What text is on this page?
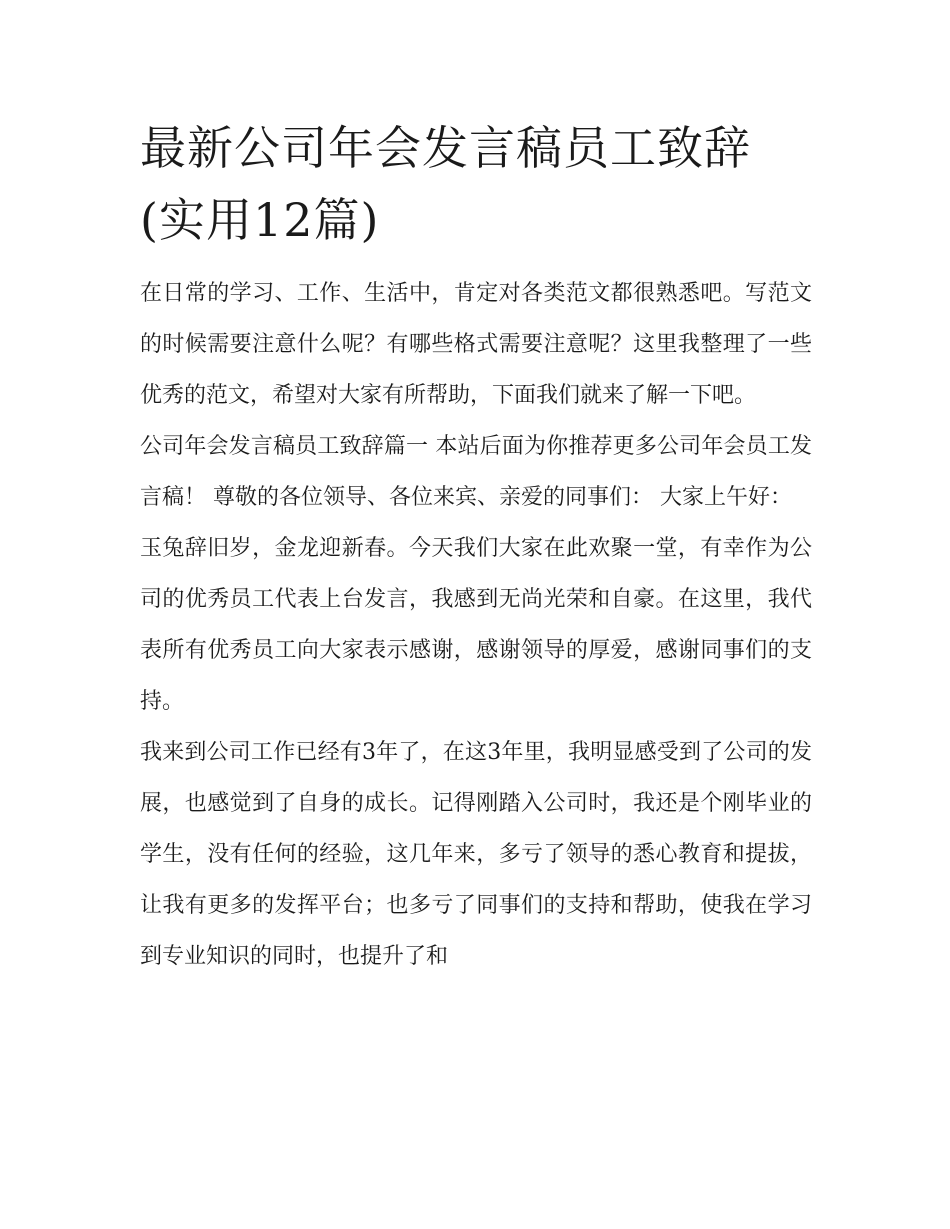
最新公司年会发言稿员工致辞(实用12篇)

在日常的学习、工作、生活中，肯定对各类范文都很熟悉吧。写范文的时候需要注意什么呢？有哪些格式需要注意呢？这里我整理了一些优秀的范文，希望对大家有所帮助，下面我们就来了解一下吧。

公司年会发言稿员工致辞篇一 本站后面为你推荐更多公司年会员工发言稿！ 尊敬的各位领导、各位来宾、亲爱的同事们： 大家上午好：

玉兔辞旧岁，金龙迎新春。今天我们大家在此欢聚一堂，有幸作为公司的优秀员工代表上台发言，我感到无尚光荣和自豪。在这里，我代表所有优秀员工向大家表示感谢，感谢领导的厚爱，感谢同事们的支持。

我来到公司工作已经有3年了，在这3年里，我明显感受到了公司的发展，也感觉到了自身的成长。记得刚踏入公司时，我还是个刚毕业的学生，没有任何的经验，这几年来，多亏了领导的悉心教育和提拔，让我有更多的发挥平台；也多亏了同事们的支持和帮助，使我在学习到专业知识的同时，也提升了和
